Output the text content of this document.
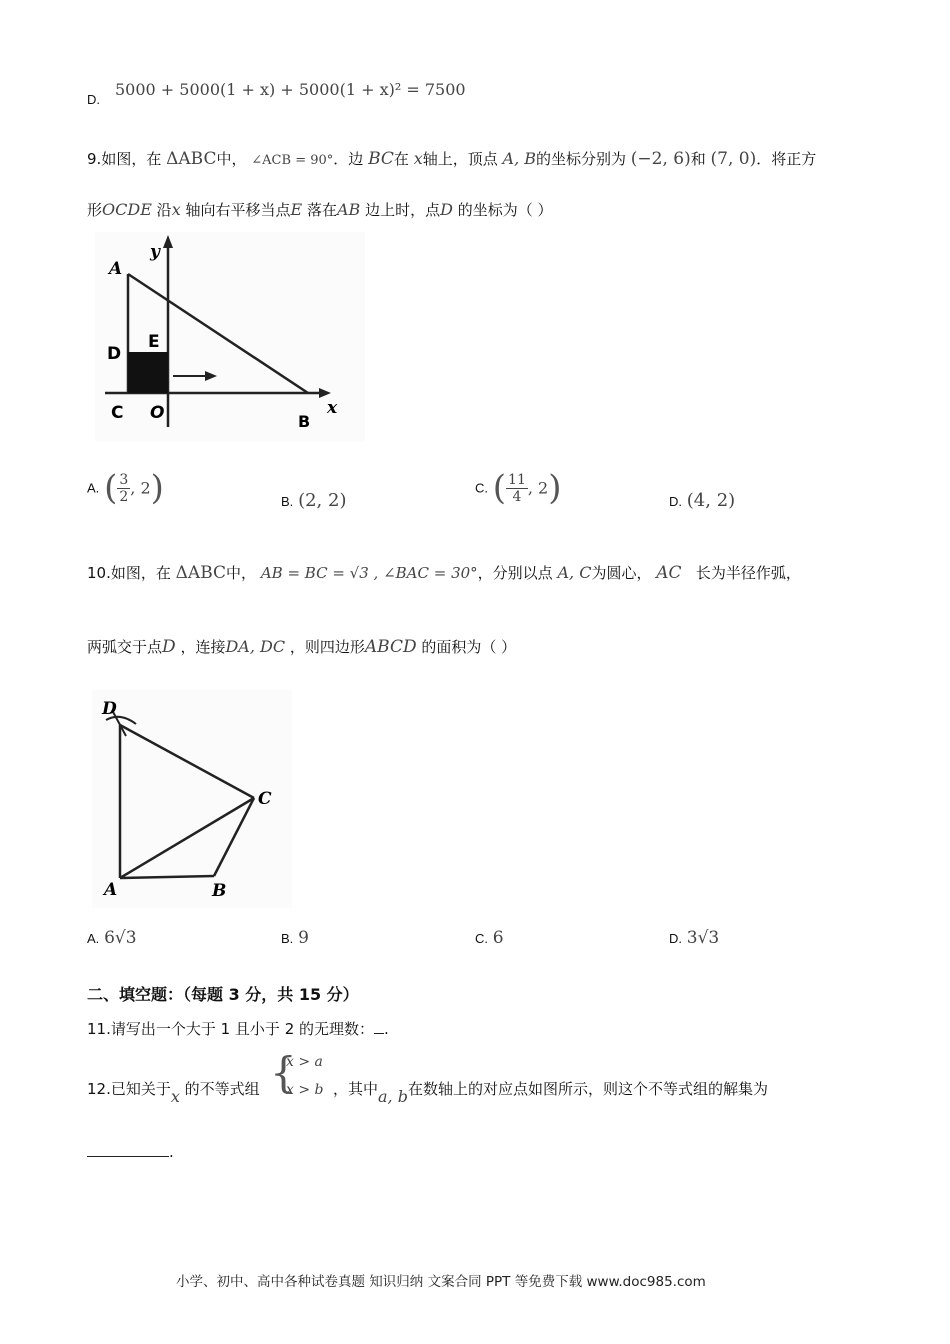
D.
5000 + 5000(1 + x) + 5000(1 + x)² = 7500
9.如图，在 ΔABC中， ∠ACB = 90°．边 BC在 x轴上，顶点 A, B的坐标分别为 (−2, 6)和 (7, 0)．将正方
形OCDE 沿x 轴向右平移当点E 落在AB 边上时，点D 的坐标为（ ）
y
A
D
E
C O	B
x
A. ( $\frac{3}{2}$ , 2)	B. (2, 2)
C. ( $\frac{11}{4}$ , 2)	D. (4, 2)
10.如图，在 ΔABC中， AB = BC = √3 , ∠BAC = 30°，分别以点 A, C为圆心， AC 长为半径作弧，
两弧交于点D ，连接DA, DC ，则四边形ABCD 的面积为（ ）
D
C
A	B
A. 6√3	B. 9	C. 6	D. 3√3
二、填空题：（每题 3 分，共 15 分）
11.请写出一个大于 1 且小于 2 的无理数： .
12.已知关于x 的不等式组 {
x > a
x > b ，其中a, b在数轴上的对应点如图所示，则这个不等式组的解集为
.
小学、初中、高中各种试卷真题 知识归纳 文案合同 PPT 等免费下载 www.doc985.com
